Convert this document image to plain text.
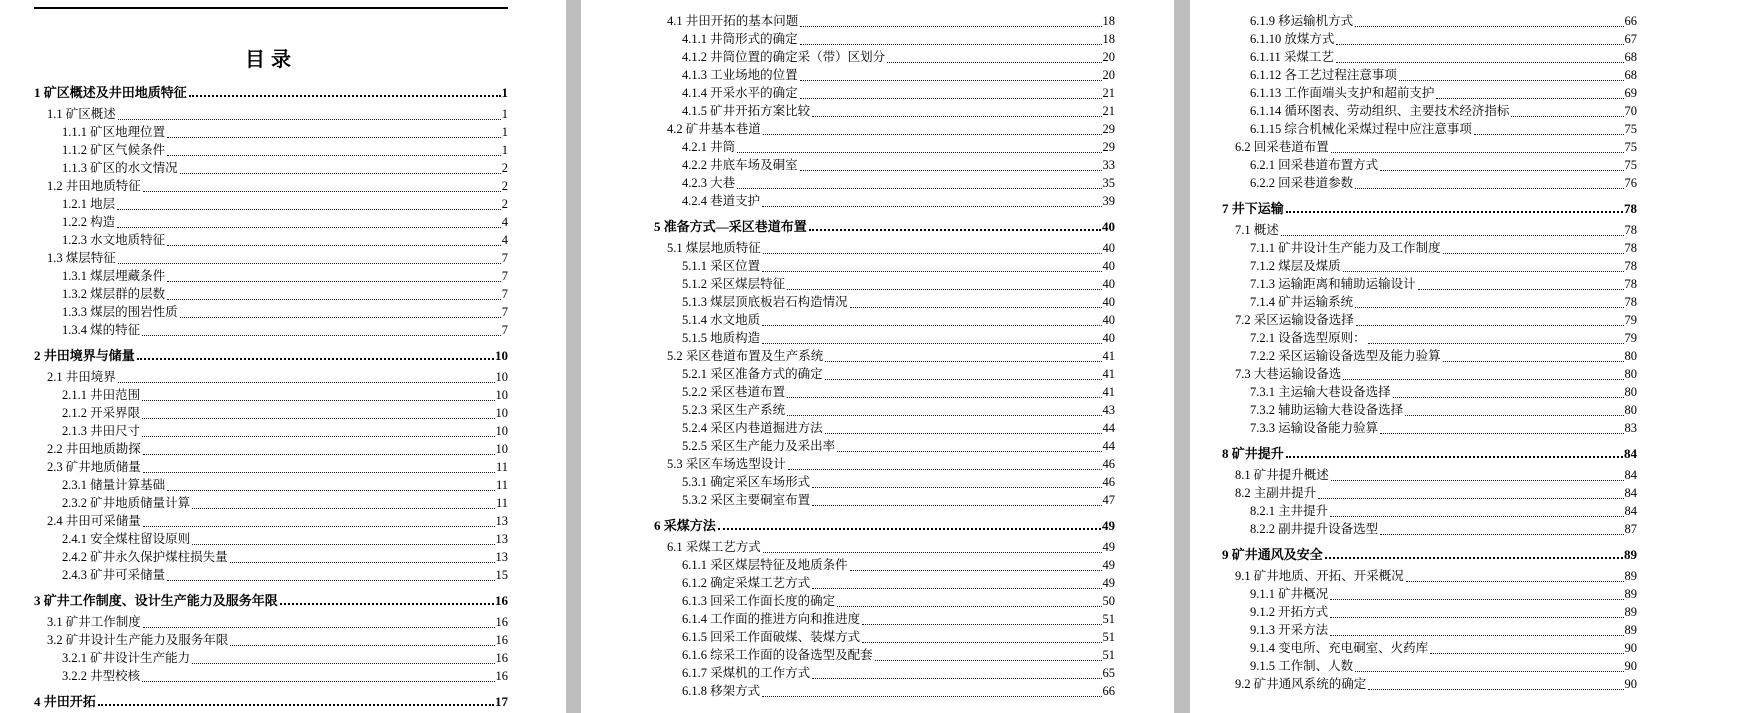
目录
1 矿区概述及井田地质特征	1
1.1 矿区概述	1
1.1.1 矿区地理位置	1
1.1.2 矿区气候条件	1
1.1.3 矿区的水文情况	2
1.2 井田地质特征	2
1.2.1 地层	2
1.2.2 构造	4
1.2.3 水文地质特征	4
1.3 煤层特征	7
1.3.1 煤层埋藏条件	7
1.3.2 煤层群的层数	7
1.3.3 煤层的围岩性质	7
1.3.4 煤的特征	7
2 井田境界与储量	10
2.1 井田境界	10
2.1.1 井田范围	10
2.1.2 开采界限	10
2.1.3 井田尺寸	10
2.2 井田地质勘探	10
2.3 矿井地质储量	11
2.3.1 储量计算基础	11
2.3.2 矿井地质储量计算	11
2.4 井田可采储量	13
2.4.1 安全煤柱留设原则	13
2.4.2 矿井永久保护煤柱损失量	13
2.4.3 矿井可采储量	15
3 矿井工作制度、设计生产能力及服务年限	16
3.1 矿井工作制度	16
3.2 矿井设计生产能力及服务年限	16
3.2.1 矿井设计生产能力	16
3.2.2 井型校核	16
4 井田开拓	17
4.1 井田开拓的基本问题	18
4.1.1 井筒形式的确定	18
4.1.2 井筒位置的确定采（带）区划分	20
4.1.3 工业场地的位置	20
4.1.4 开采水平的确定	21
4.1.5 矿井开拓方案比较	21
4.2 矿井基本巷道	29
4.2.1 井筒	29
4.2.2 井底车场及硐室	33
4.2.3 大巷	35
4.2.4 巷道支护	39
5 准备方式—采区巷道布置	40
5.1 煤层地质特征	40
5.1.1 采区位置	40
5.1.2 采区煤层特征	40
5.1.3 煤层顶底板岩石构造情况	40
5.1.4 水文地质	40
5.1.5 地质构造	40
5.2 采区巷道布置及生产系统	41
5.2.1 采区准备方式的确定	41
5.2.2 采区巷道布置	41
5.2.3 采区生产系统	43
5.2.4 采区内巷道掘进方法	44
5.2.5 采区生产能力及采出率	44
5.3 采区车场选型设计	46
5.3.1 确定采区车场形式	46
5.3.2 采区主要硐室布置	47
6 采煤方法	49
6.1 采煤工艺方式	49
6.1.1 采区煤层特征及地质条件	49
6.1.2 确定采煤工艺方式	49
6.1.3 回采工作面长度的确定	50
6.1.4 工作面的推进方向和推进度	51
6.1.5 回采工作面破煤、装煤方式	51
6.1.6 综采工作面的设备选型及配套	51
6.1.7 采煤机的工作方式	65
6.1.8 移架方式	66
6.1.9 移运输机方式	66
6.1.10 放煤方式	67
6.1.11 采煤工艺	68
6.1.12 各工艺过程注意事项	68
6.1.13 工作面端头支护和超前支护	69
6.1.14 循环图表、劳动组织、主要技术经济指标	70
6.1.15 综合机械化采煤过程中应注意事项	75
6.2 回采巷道布置	75
6.2.1 回采巷道布置方式	75
6.2.2 回采巷道参数	76
7 井下运输	78
7.1 概述	78
7.1.1 矿井设计生产能力及工作制度	78
7.1.2 煤层及煤质	78
7.1.3 运输距离和辅助运输设计	78
7.1.4 矿井运输系统	78
7.2 采区运输设备选择	79
7.2.1 设备选型原则：	79
7.2.2 采区运输设备选型及能力验算	80
7.3 大巷运输设备选	80
7.3.1 主运输大巷设备选择	80
7.3.2 辅助运输大巷设备选择	80
7.3.3 运输设备能力验算	83
8 矿井提升	84
8.1 矿井提升概述	84
8.2 主副井提升	84
8.2.1 主井提升	84
8.2.2 副井提升设备选型	87
9 矿井通风及安全	89
9.1 矿井地质、开拓、开采概况	89
9.1.1 矿井概况	89
9.1.2 开拓方式	89
9.1.3 开采方法	89
9.1.4 变电所、充电硐室、火药库	90
9.1.5 工作制、人数	90
9.2 矿井通风系统的确定	90
